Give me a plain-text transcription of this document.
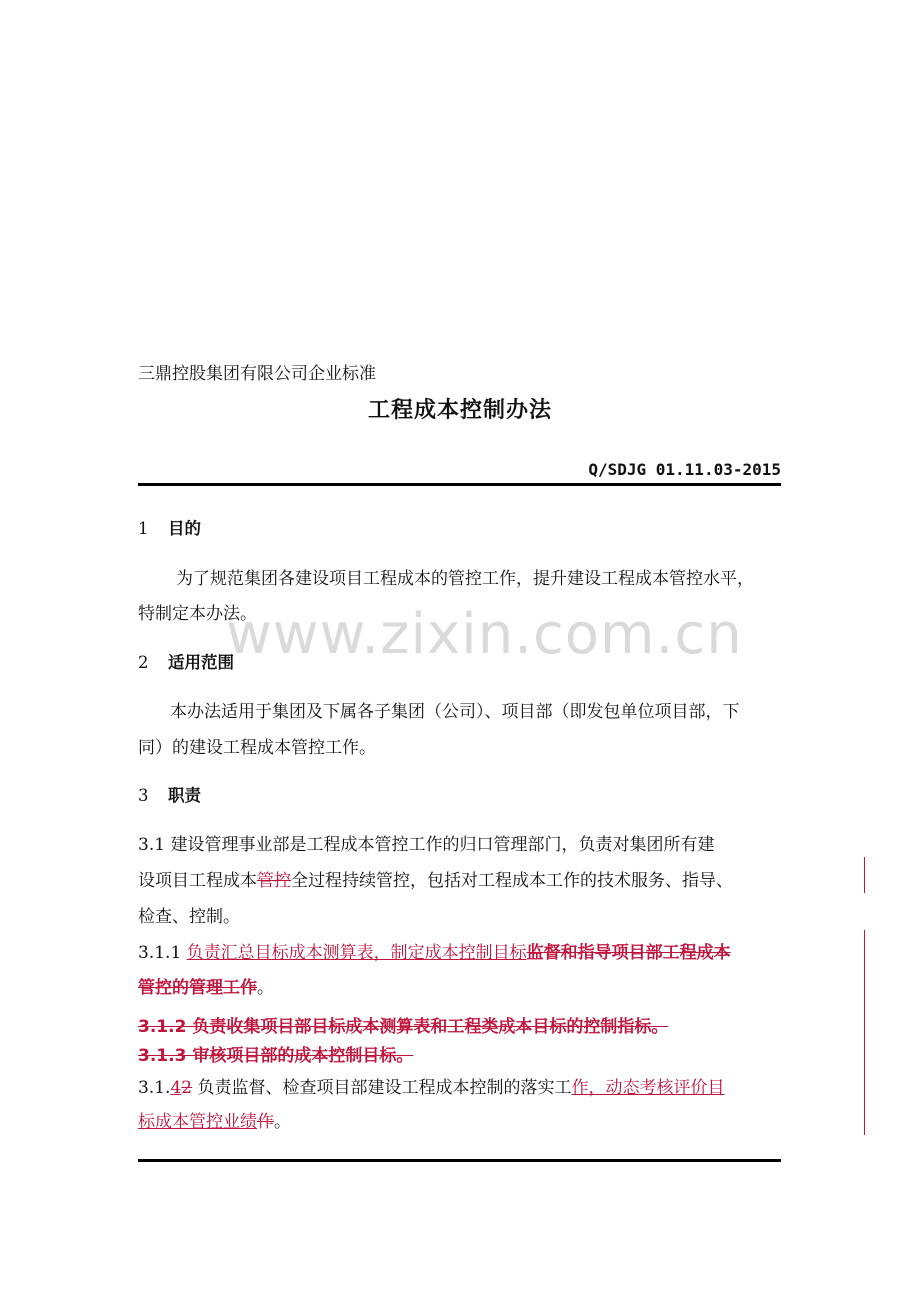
www.zixin.com.cn
三鼎控股集团有限公司企业标准
工程成本控制办法
Q/SDJG 01.11.03-2015
1 目的
为了规范集团各建设项目工程成本的管控工作，提升建设工程成本管控水平，
特制定本办法。
2 适用范围
本办法适用于集团及下属各子集团（公司）、项目部（即发包单位项目部，下
同）的建设工程成本管控工作。
3 职责
3.1 建设管理事业部是工程成本管控工作的归口管理部门，负责对集团所有建
设项目工程成本管控全过程持续管控，包括对工程成本工作的技术服务、指导、
检查、控制。
3.1.1 负责汇总目标成本测算表，制定成本控制目标监督和指导项目部工程成本
管控的管理工作。
3.1.2 负责收集项目部目标成本测算表和工程类成本目标的控制指标。
3.1.3 审核项目部的成本控制目标。
3.1.42 负责监督、检查项目部建设工程成本控制的落实工作，动态考核评价目
标成本管控业绩作。
